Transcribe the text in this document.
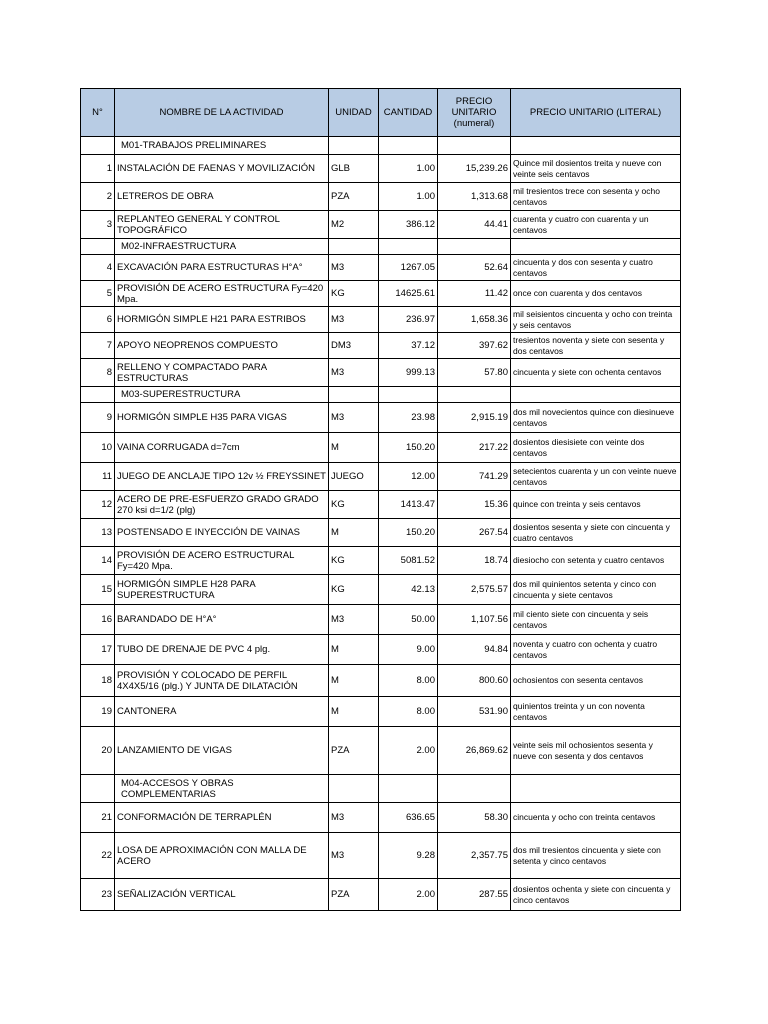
N°	NOMBRE DE LA ACTIVIDAD	UNIDAD	CANTIDAD	PRECIO UNITARIO (numeral)	PRECIO UNITARIO (LITERAL)
	M01-TRABAJOS PRELIMINARES				
1	INSTALACIÓN DE FAENAS Y MOVILIZACIÓN	GLB	1.00	15,239.26	Quince mil dosientos treita y nueve con veinte seis centavos
2	LETREROS DE OBRA	PZA	1.00	1,313.68	mil tresientos trece con sesenta y ocho centavos
3	REPLANTEO GENERAL Y CONTROL TOPOGRÁFICO	M2	386.12	44.41	cuarenta y cuatro con cuarenta y un centavos
	M02-INFRAESTRUCTURA				
4	EXCAVACIÓN PARA ESTRUCTURAS H°A°	M3	1267.05	52.64	cincuenta y dos con sesenta y cuatro centavos
5	PROVISIÓN DE ACERO ESTRUCTURA Fy=420 Mpa.	KG	14625.61	11.42	once con cuarenta y dos centavos
6	HORMIGÓN SIMPLE H21 PARA ESTRIBOS	M3	236.97	1,658.36	mil seisientos cincuenta y ocho con treinta y seis centavos
7	APOYO NEOPRENOS COMPUESTO	DM3	37.12	397.62	tresientos noventa y siete con sesenta y dos centavos
8	RELLENO Y COMPACTADO PARA ESTRUCTURAS	M3	999.13	57.80	cincuenta y siete con ochenta centavos
	M03-SUPERESTRUCTURA				
9	HORMIGÓN SIMPLE H35 PARA VIGAS	M3	23.98	2,915.19	dos mil novecientos quince con diesinueve centavos
10	VAINA CORRUGADA d=7cm	M	150.20	217.22	dosientos diesisiete con veinte dos centavos
11	JUEGO DE ANCLAJE TIPO 12v ½ FREYSSINET	JUEGO	12.00	741.29	setecientos cuarenta y un con veinte nueve centavos
12	ACERO DE PRE-ESFUERZO GRADO GRADO 270 ksi d=1/2 (plg)	KG	1413.47	15.36	quince con treinta y seis centavos
13	POSTENSADO E INYECCIÓN DE VAINAS	M	150.20	267.54	dosientos sesenta y siete con cincuenta y cuatro centavos
14	PROVISIÓN DE ACERO ESTRUCTURAL Fy=420 Mpa.	KG	5081.52	18.74	diesiocho con setenta y cuatro centavos
15	HORMIGÓN SIMPLE H28 PARA SUPERESTRUCTURA	KG	42.13	2,575.57	dos mil quinientos setenta y cinco con cincuenta y siete centavos
16	BARANDADO DE H°A°	M3	50.00	1,107.56	mil ciento siete con cincuenta y seis centavos
17	TUBO DE DRENAJE DE PVC 4 plg.	M	9.00	94.84	noventa y cuatro con ochenta y cuatro centavos
18	PROVISIÓN Y COLOCADO DE PERFIL 4X4X5/16 (plg.) Y JUNTA DE DILATACIÓN	M	8.00	800.60	ochosientos con sesenta centavos
19	CANTONERA	M	8.00	531.90	quinientos treinta y un con noventa centavos
20	LANZAMIENTO DE VIGAS	PZA	2.00	26,869.62	veinte seis mil ochosientos sesenta y nueve con sesenta y dos centavos
	M04-ACCESOS Y OBRAS COMPLEMENTARIAS				
21	CONFORMACIÓN DE TERRAPLÉN	M3	636.65	58.30	cincuenta y ocho con treinta centavos
22	LOSA DE APROXIMACIÓN CON MALLA DE ACERO	M3	9.28	2,357.75	dos mil tresientos cincuenta y siete con setenta y cinco centavos
23	SEÑALIZACIÓN VERTICAL	PZA	2.00	287.55	dosientos ochenta y siete con cincuenta y cinco centavos
